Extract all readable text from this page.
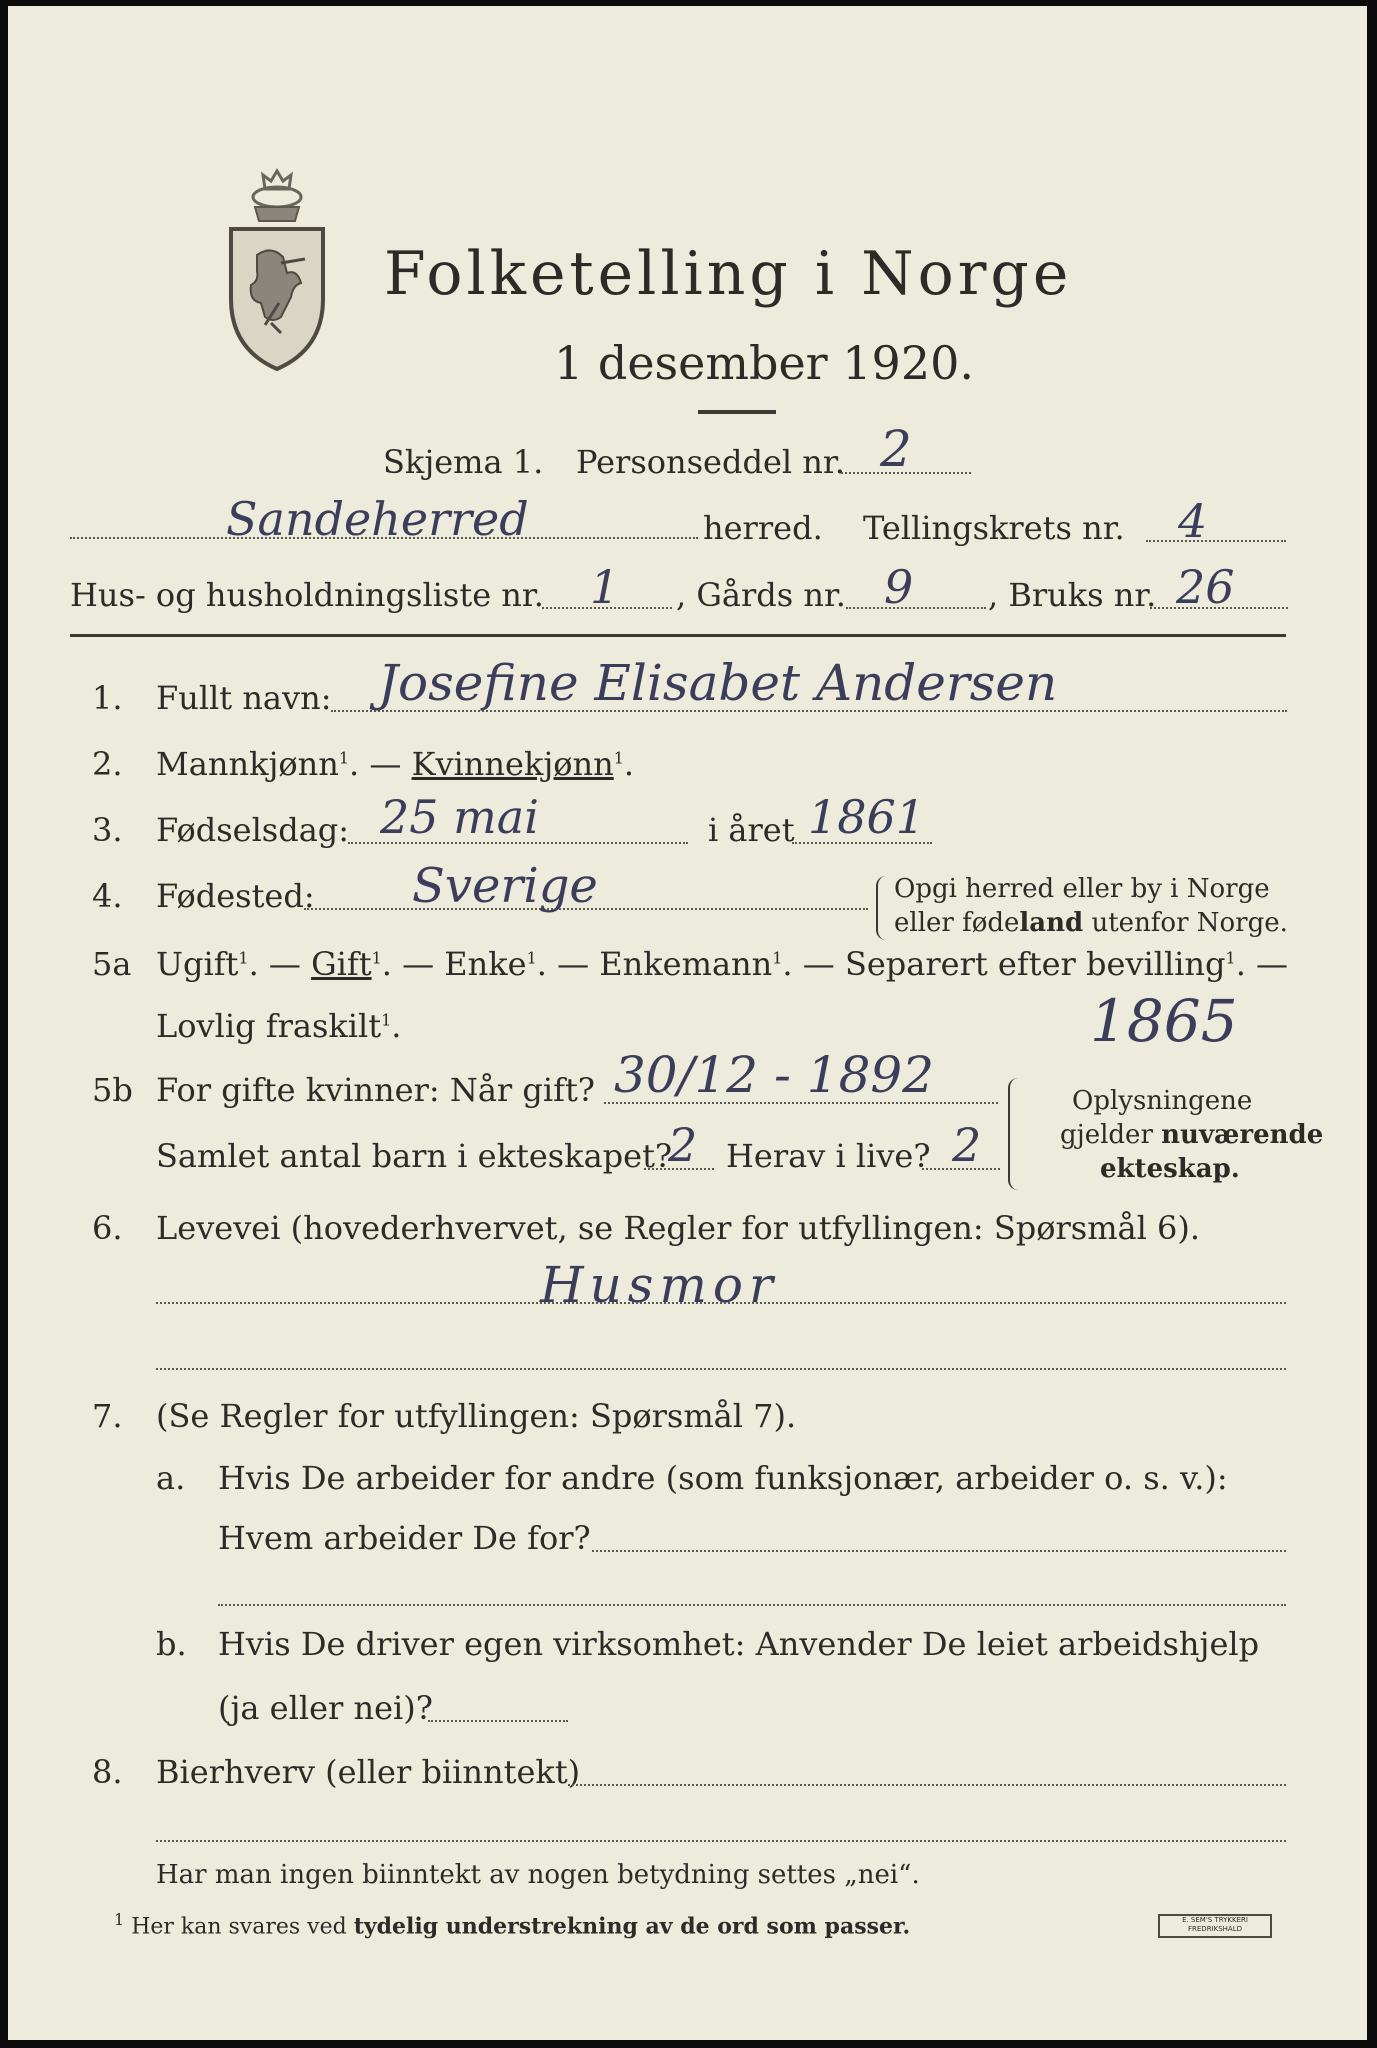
Folketelling i Norge
1 desember 1920.
Skjema 1. Personseddel nr. 2
Sandeherred	herred. Tellingskrets nr. 4
Hus- og husholdningsliste nr. 1 , Gårds nr. 9 , Bruks nr. 26
1. Fullt navn: Josefine Elisabet Andersen
2. Mannkjønn$^1$. — Kvinnekjønn$^1$.
3. Fødselsdag: 25 mai	i året 1861
4. Fødested: Sverige	Opgi herred eller by i Norge
eller fødeland utenfor Norge.
5a Ugift$^1$. — Gift$^1$. — Enke$^1$. — Enkemann$^1$. — Separert efter bevilling$^1$. —
Lovlig fraskilt$^1$.	1865
5b For gifte kvinner: Når gift? 30/12 - 1892
Samlet antal barn i ekteskapet?
2 Herav i live? 2
Oplysningene
gjelder nuværende
ekteskap.
6. Levevei (hovederhvervet, se Regler for utfyllingen: Spørsmål 6).
Husmor
7. (Se Regler for utfyllingen: Spørsmål 7).
a. Hvis De arbeider for andre (som funksjonær, arbeider o. s. v.):
Hvem arbeider De for?
b. Hvis De driver egen virksomhet: Anvender De leiet arbeidshjelp
(ja eller nei)?
8. Bierhverv (eller biinntekt)
Har man ingen biinntekt av nogen betydning settes „nei“.
$^1$ Her kan svares ved tydelig understrekning av de ord som passer.	E. SEM'S TRYKKERI FREDRIKSHALD
